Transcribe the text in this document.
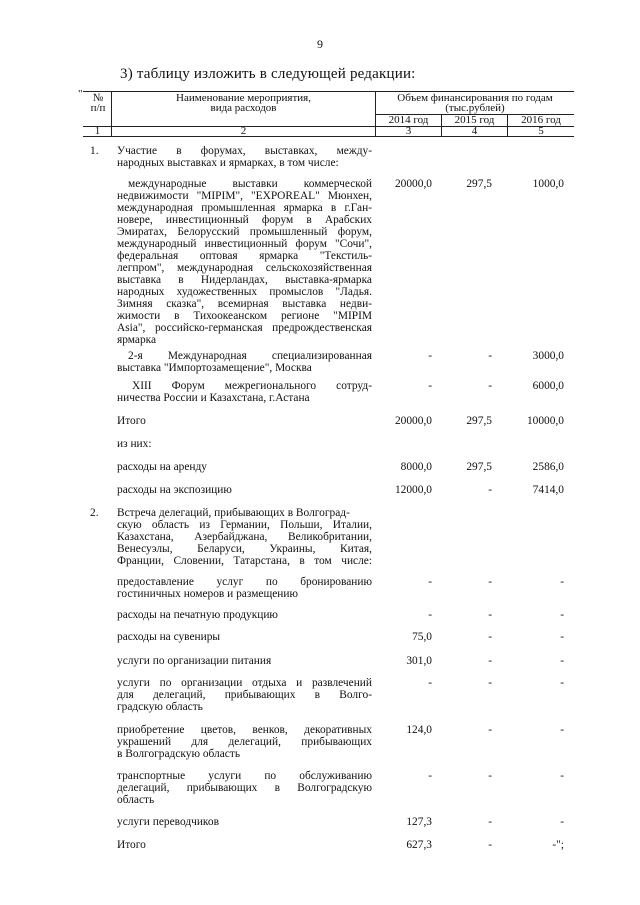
9
3) таблицу изложить в следующей редакции:
" №
п/п
Наименование мероприятия,
вида расходов
Объем финансирования по годам
(тыс.рублей)
2014 год	2015 год	2016 год
1	2	3	4	5
1. Участие в форумах, выставках, между-
народных выставках и ярмарках, в том числе:
международные выставки коммерческой
недвижимости "MIPIM", "EXPOREAL" Мюнхен,
международная промышленная ярмарка в г.Ган-
новере, инвестиционный форум в Арабских
Эмиратах, Белорусский промышленный форум,
международный инвестиционный форум "Сочи",
федеральная оптовая ярмарка "Текстиль-
легпром", международная сельскохозяйственная
выставка в Нидерландах, выставка-ярмарка
народных художественных промыслов "Ладья.
Зимняя сказка", всемирная выставка недви-
жимости в Тихоокеанском регионе "MIPIM
Asia", российско-германская предрождественская
ярмарка
20000,0	297,5	1000,0
2-я Международная специализированная
выставка "Импортозамещение", Москва
-	-	3000,0
XIII Форум межрегионального сотруд-
ничества России и Казахстана, г.Астана
-	-	6000,0
Итого	20000,0	297,5	10000,0
из них:
расходы на аренду	8000,0	297,5	2586,0
расходы на экспозицию	12000,0	-	7414,0
2. Встреча делегаций, прибывающих в Волгоград-
скую область из Германии, Польши, Италии,
Казахстана, Азербайджана, Великобритании,
Венесуэлы, Беларуси, Украины, Китая,
Франции, Словении, Татарстана, в том числе:
предоставление услуг по бронированию
гостиничных номеров и размещению
-	-	-
расходы на печатную продукцию	-	-	-
расходы на сувениры	75,0	-	-
услуги по организации питания	301,0	-	-
услуги по организации отдыха и развлечений
для делегаций, прибывающих в Волго-
градскую область
-	-	-
приобретение цветов, венков, декоративных
украшений для делегаций, прибывающих
в Волгоградскую область
124,0	-	-
транспортные услуги по обслуживанию
делегаций, прибывающих в Волгоградскую
область
-	-	-
услуги переводчиков	127,3	-	-
Итого	627,3	-	-";
